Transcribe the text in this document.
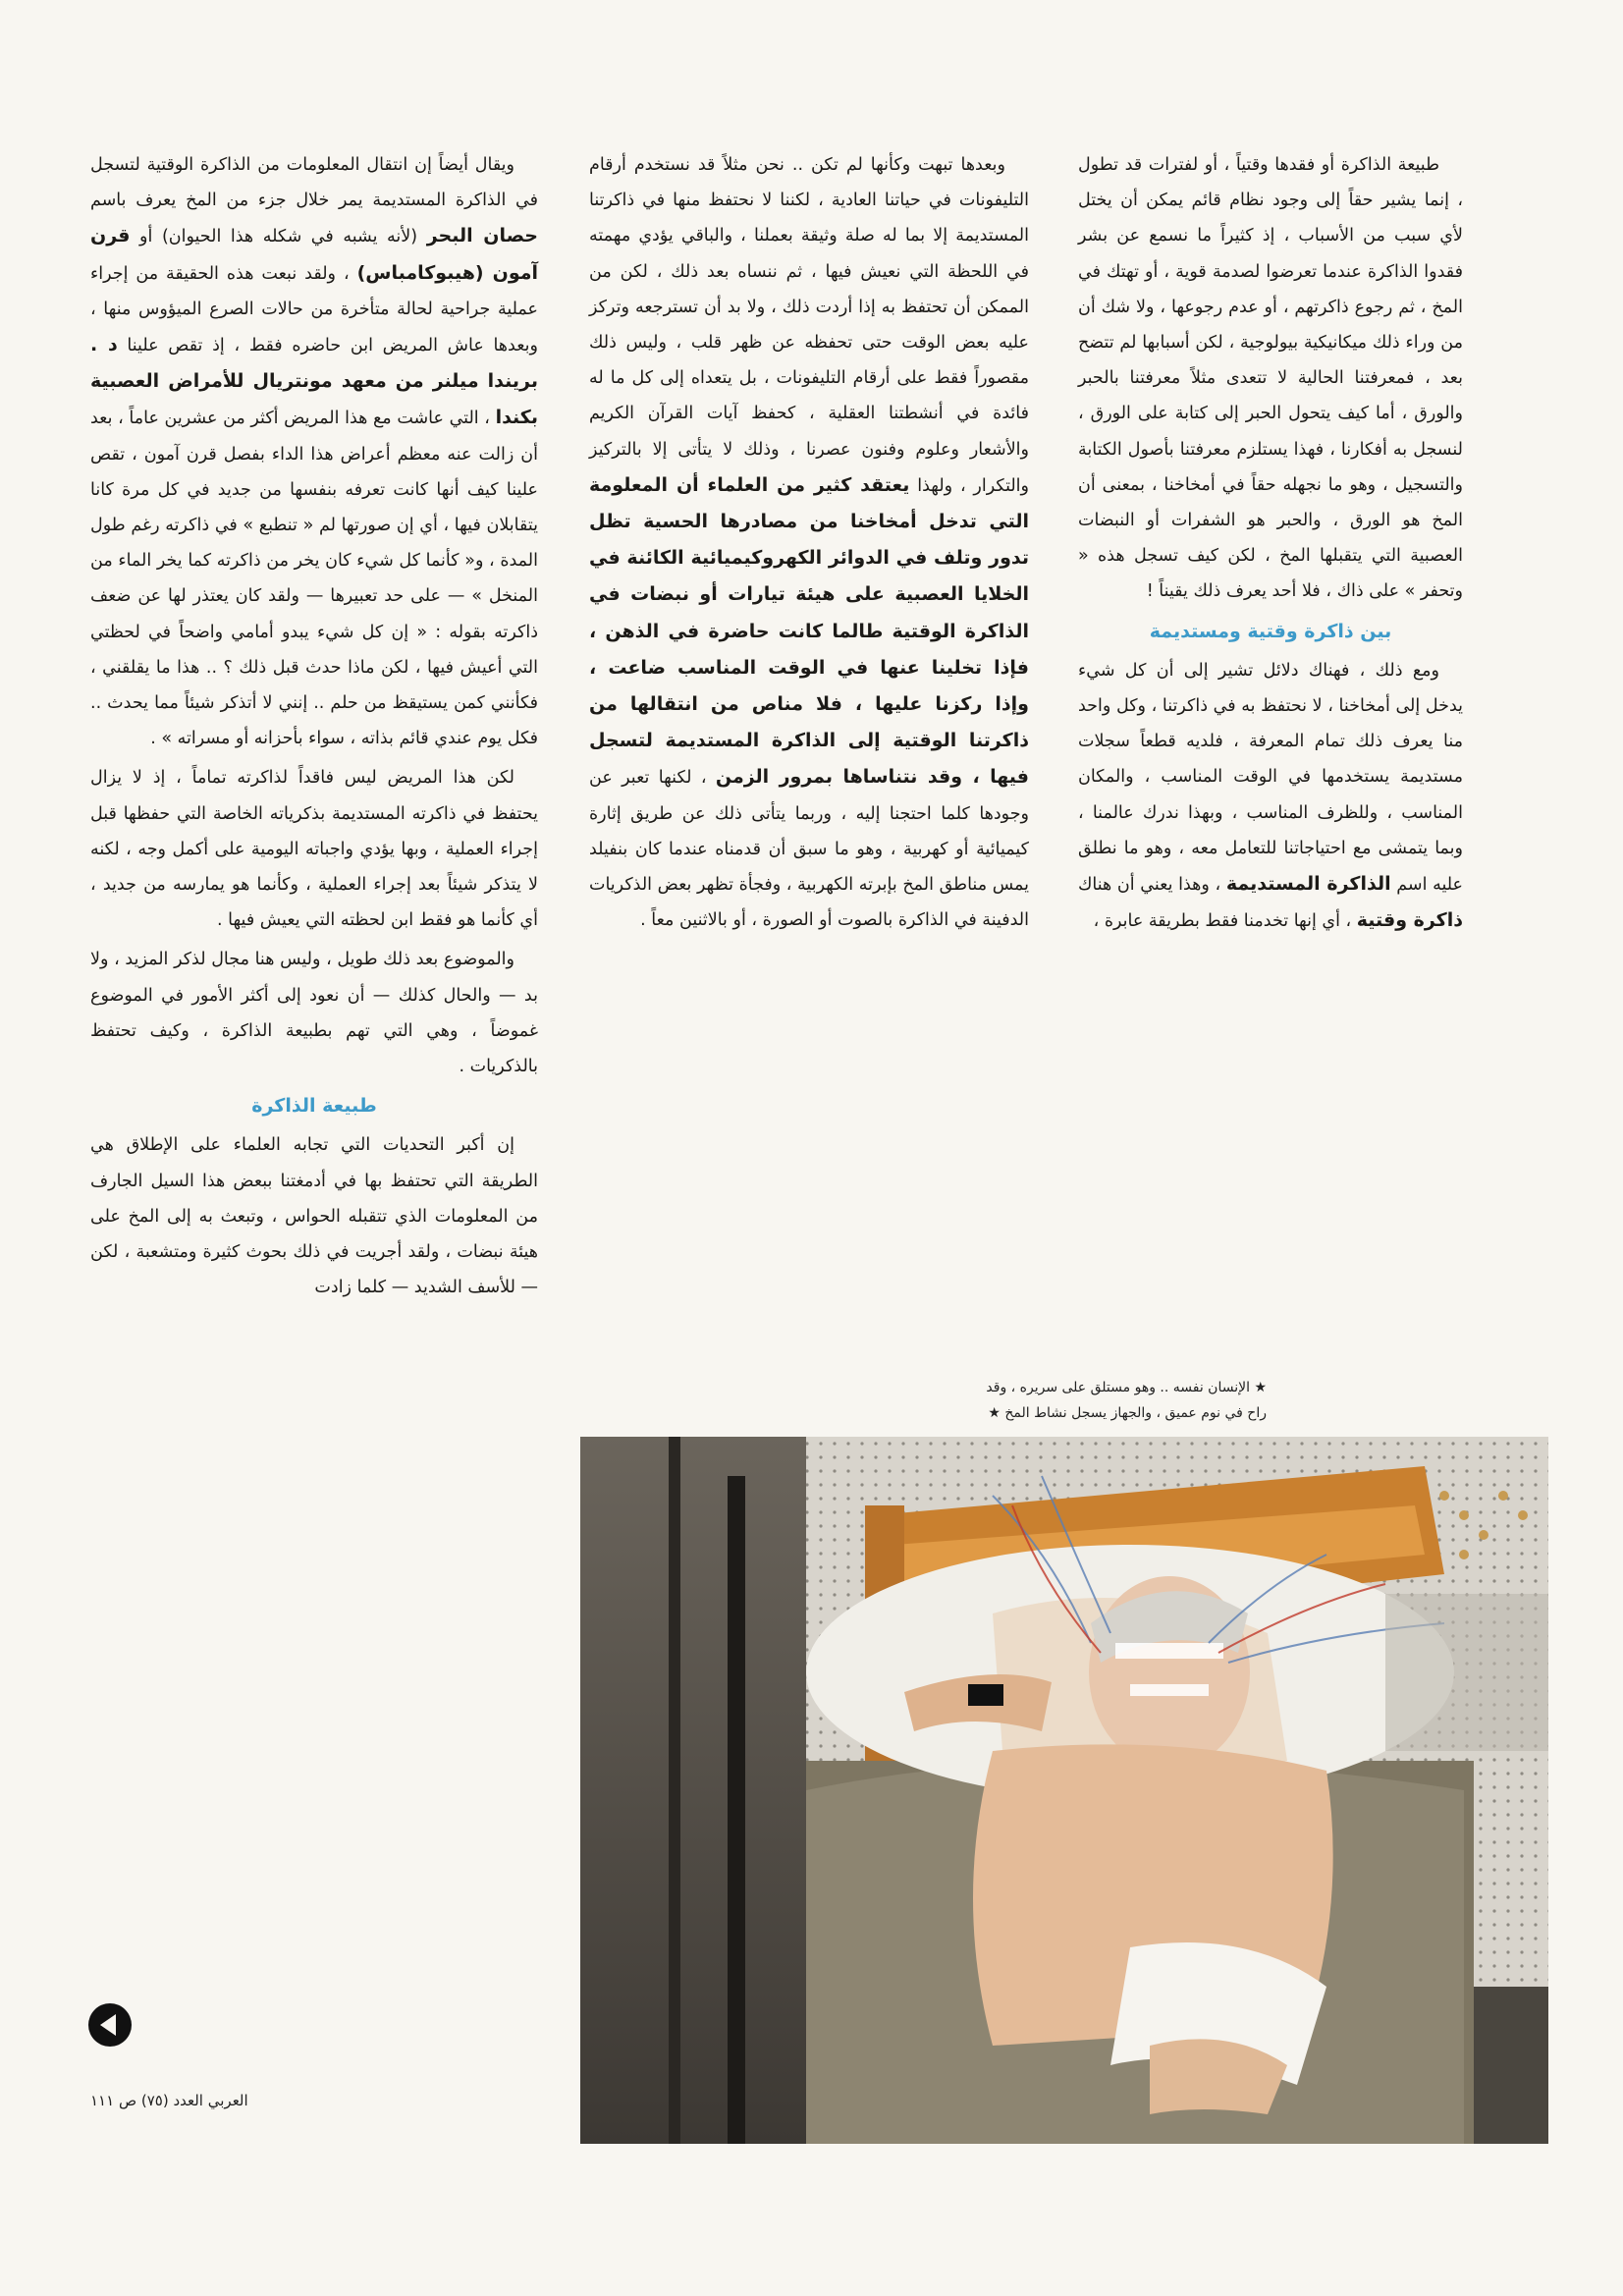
طبيعة الذاكرة أو فقدها وقتياً ، أو لفترات قد تطول ، إنما يشير حقاً إلى وجود نظام قائم يمكن أن يختل لأي سبب من الأسباب ، إذ كثيراً ما نسمع عن بشر فقدوا الذاكرة عندما تعرضوا لصدمة قوية ، أو تهتك في المخ ، ثم رجوع ذاكرتهم ، أو عدم رجوعها ، ولا شك أن من وراء ذلك ميكانيكية بيولوجية ، لكن أسبابها لم تتضح بعد ، فمعرفتنا الحالية لا تتعدى مثلاً معرفتنا بالحبر والورق ، أما كيف يتحول الحبر إلى كتابة على الورق ، لنسجل به أفكارنا ، فهذا يستلزم معرفتنا بأصول الكتابة والتسجيل ، وهو ما نجهله حقاً في أمخاخنا ، بمعنى أن المخ هو الورق ، والحبر هو الشفرات أو النبضات العصبية التي يتقبلها المخ ، لكن كيف تسجل هذه « وتحفر » على ذاك ، فلا أحد يعرف ذلك يقيناً !

بين ذاكرة وقتية ومستديمة

ومع ذلك ، فهناك دلائل تشير إلى أن كل شيء يدخل إلى أمخاخنا ، لا نحتفظ به في ذاكرتنا ، وكل واحد منا يعرف ذلك تمام المعرفة ، فلديه قطعاً سجلات مستديمة يستخدمها في الوقت المناسب ، والمكان المناسب ، وللظرف المناسب ، وبهذا ندرك عالمنا ، وبما يتمشى مع احتياجاتنا للتعامل معه ، وهو ما نطلق عليه اسم الذاكرة المستديمة ، وهذا يعني أن هناك ذاكرة وقتية ، أي إنها تخدمنا فقط بطريقة عابرة ،

وبعدها تبهت وكأنها لم تكن .. نحن مثلاً قد نستخدم أرقام التليفونات في حياتنا العادية ، لكننا لا نحتفظ منها في ذاكرتنا المستديمة إلا بما له صلة وثيقة بعملنا ، والباقي يؤدي مهمته في اللحظة التي نعيش فيها ، ثم ننساه بعد ذلك ، لكن من الممكن أن تحتفظ به إذا أردت ذلك ، ولا بد أن تسترجعه وتركز عليه بعض الوقت حتى تحفظه عن ظهر قلب ، وليس ذلك مقصوراً فقط على أرقام التليفونات ، بل يتعداه إلى كل ما له فائدة في أنشطتنا العقلية ، كحفظ آيات القرآن الكريم والأشعار وعلوم وفنون عصرنا ، وذلك لا يتأتى إلا بالتركيز والتكرار ، ولهذا يعتقد كثير من العلماء أن المعلومة التي تدخل أمخاخنا من مصادرها الحسية تظل تدور وتلف في الدوائر الكهروكيميائية الكائنة في الخلايا العصبية على هيئة تيارات أو نبضات في الذاكرة الوقتية طالما كانت حاضرة في الذهن ، فإذا تخلينا عنها في الوقت المناسب ضاعت ، وإذا ركزنا عليها ، فلا مناص من انتقالها من ذاكرتنا الوقتية إلى الذاكرة المستديمة لتسجل فيها ، وقد نتناساها بمرور الزمن ، لكنها تعبر عن وجودها كلما احتجنا إليه ، وربما يتأتى ذلك عن طريق إثارة كيميائية أو كهربية ، وهو ما سبق أن قدمناه عندما كان بنفيلد يمس مناطق المخ بإبرته الكهربية ، وفجأة تظهر بعض الذكريات الدفينة في الذاكرة بالصوت أو الصورة ، أو بالاثنين معاً .

ويقال أيضاً إن انتقال المعلومات من الذاكرة الوقتية لتسجل في الذاكرة المستديمة يمر خلال جزء من المخ يعرف باسم حصان البحر (لأنه يشبه في شكله هذا الحيوان) أو قرن آمون (هيبوكامباس) ، ولقد نبعت هذه الحقيقة من إجراء عملية جراحية لحالة متأخرة من حالات الصرع الميؤوس منها ، وبعدها عاش المريض ابن حاضره فقط ، إذ تقص علينا د . بريندا ميلنر من معهد مونتريال للأمراض العصبية بكندا ، التي عاشت مع هذا المريض أكثر من عشرين عاماً ، بعد أن زالت عنه معظم أعراض هذا الداء بفصل قرن آمون ، تقص علينا كيف أنها كانت تعرفه بنفسها من جديد في كل مرة كانا يتقابلان فيها ، أي إن صورتها لم « تنطبع » في ذاكرته رغم طول المدة ، و« كأنما كل شيء كان يخر من ذاكرته كما يخر الماء من المنخل » — على حد تعبيرها — ولقد كان يعتذر لها عن ضعف ذاكرته بقوله : « إن كل شيء يبدو أمامي واضحاً في لحظتي التي أعيش فيها ، لكن ماذا حدث قبل ذلك ؟ .. هذا ما يقلقني ، فكأنني كمن يستيقظ من حلم .. إنني لا أتذكر شيئاً مما يحدث .. فكل يوم عندي قائم بذاته ، سواء بأحزانه أو مسراته » .

لكن هذا المريض ليس فاقداً لذاكرته تماماً ، إذ لا يزال يحتفظ في ذاكرته المستديمة بذكرياته الخاصة التي حفظها قبل إجراء العملية ، وبها يؤدي واجباته اليومية على أكمل وجه ، لكنه لا يتذكر شيئاً بعد إجراء العملية ، وكأنما هو يمارسه من جديد ، أي كأنما هو فقط ابن لحظته التي يعيش فيها .

والموضوع بعد ذلك طويل ، وليس هنا مجال لذكر المزيد ، ولا بد — والحال كذلك — أن نعود إلى أكثر الأمور في الموضوع غموضاً ، وهي التي تهم بطبيعة الذاكرة ، وكيف تحتفظ بالذكريات .

طبيعة الذاكرة

إن أكبر التحديات التي تجابه العلماء على الإطلاق هي الطريقة التي تحتفظ بها في أدمغتنا ببعض هذا السيل الجارف من المعلومات الذي تتقبله الحواس ، وتبعث به إلى المخ على هيئة نبضات ، ولقد أجريت في ذلك بحوث كثيرة ومتشعبة ، لكن — للأسف الشديد — كلما زادت

★ الإنسان نفسه .. وهو مستلق على سريره ، وقد
راح في نوم عميق ، والجهاز يسجل نشاط المخ ★
العربي العدد (٧٥) ص ١١١
